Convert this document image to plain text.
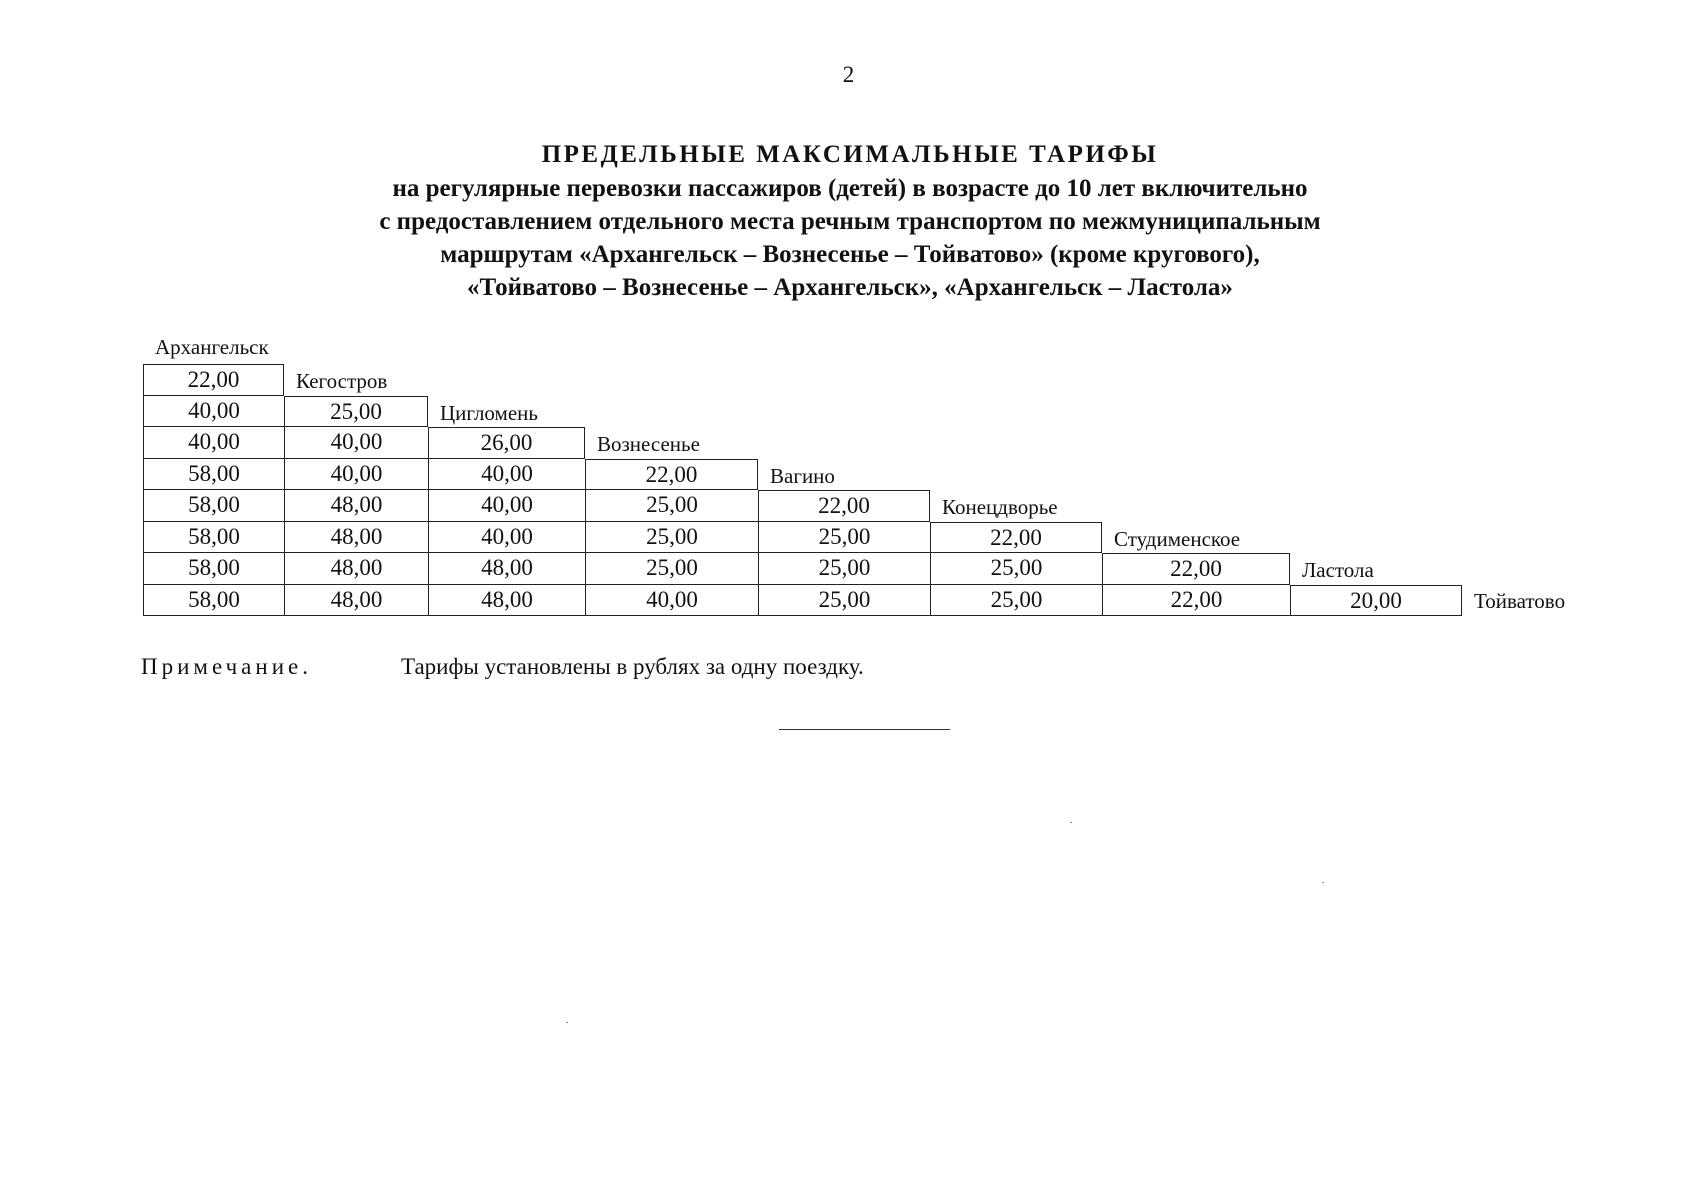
2
ПРЕДЕЛЬНЫЕ МАКСИМАЛЬНЫЕ ТАРИФЫ
на регулярные перевозки пассажиров (детей) в возрасте до 10 лет включительно
с предоставлением отдельного места речным транспортом по межмуниципальным
маршрутам «Архангельск – Вознесенье – Тойватово» (кроме кругового),
«Тойватово – Вознесенье – Архангельск», «Архангельск – Ластола»
Архангельск
Кегостров
Цигломень
Вознесенье
Вагино
Конецдворье
Студименское
Ластола
Тойватово
22,00
40,00	25,00
40,00	40,00	26,00
58,00	40,00	40,00	22,00
58,00	48,00	40,00	25,00	22,00
58,00	48,00	40,00	25,00	25,00	22,00
58,00	48,00	48,00	25,00	25,00	25,00	22,00
58,00	48,00	48,00	40,00	25,00	25,00	22,00	20,00
Примечание.	Тарифы установлены в рублях за одну поездку.
